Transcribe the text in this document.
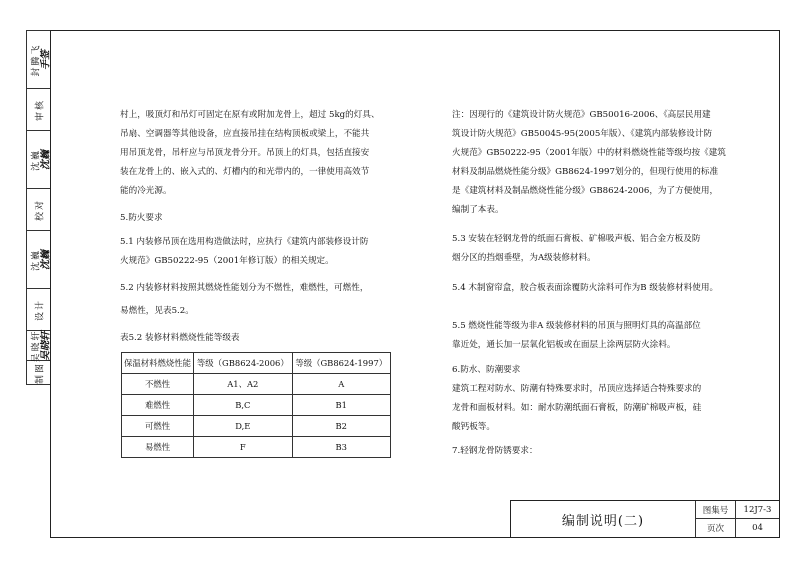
封腾飞
手签
审核
沈巍
沈巍
校对
沈巍
沈巍
设计
吴晓轩
吴晓轩
制图
村上，吸顶灯和吊灯可固定在原有或附加龙骨上，超过 5kg的灯具、
吊扇、空调器等其他设备，应直接吊挂在结构顶板或梁上，不能共
用吊顶龙骨，吊杆应与吊顶龙骨分开。吊顶上的灯具，包括直接安
装在龙骨上的、嵌入式的、灯槽内的和光带内的，一律使用高效节
能的冷光源。
5.防火要求
5.1 内装修吊顶在选用构造做法时，应执行《建筑内部装修设计防
火规范》GB50222-95（2001年修订版）的相关规定。
5.2 内装修材料按照其燃烧性能划分为不燃性，难燃性，可燃性，
易燃性，见表5.2。
表5.2 装修材料燃烧性能等级表
保温材料燃烧性能	等级（GB8624-2006）	等级（GB8624-1997）
不燃性	A1、A2	A
难燃性	B,C	B1
可燃性	D,E	B2
易燃性	F	B3
注：因现行的《建筑设计防火规范》GB50016-2006、《高层民用建
筑设计防火规范》GB50045-95(2005年版）、《建筑内部装修设计防
火规范》GB50222-95（2001年版）中的材料燃烧性能等级均按《建筑
材料及制品燃烧性能分级》GB8624-1997划分的，但现行使用的标准
是《建筑材料及制品燃烧性能分级》GB8624-2006，为了方便使用，
编制了本表。
5.3 安装在轻钢龙骨的纸面石膏板、矿棉吸声板、铝合金方板及防
烟分区的挡烟垂壁，为A级装修材料。
5.4 木制窗帘盒，胶合板表面涂覆防火涂料可作为B 级装修材料使用。
5.5 燃烧性能等级为非A 级装修材料的吊顶与照明灯具的高温部位
靠近处，通长加一层氧化铝板或在面层上涂两层防火涂料。
6.防水、防潮要求
建筑工程对防水、防潮有特殊要求时，吊顶应选择适合特殊要求的
龙骨和面板材料。如：耐水防潮纸面石膏板，防潮矿棉吸声板，硅
酸钙板等。
7.轻钢龙骨防锈要求：
编制说明(二)
图集号	12J7-3
页次	04
